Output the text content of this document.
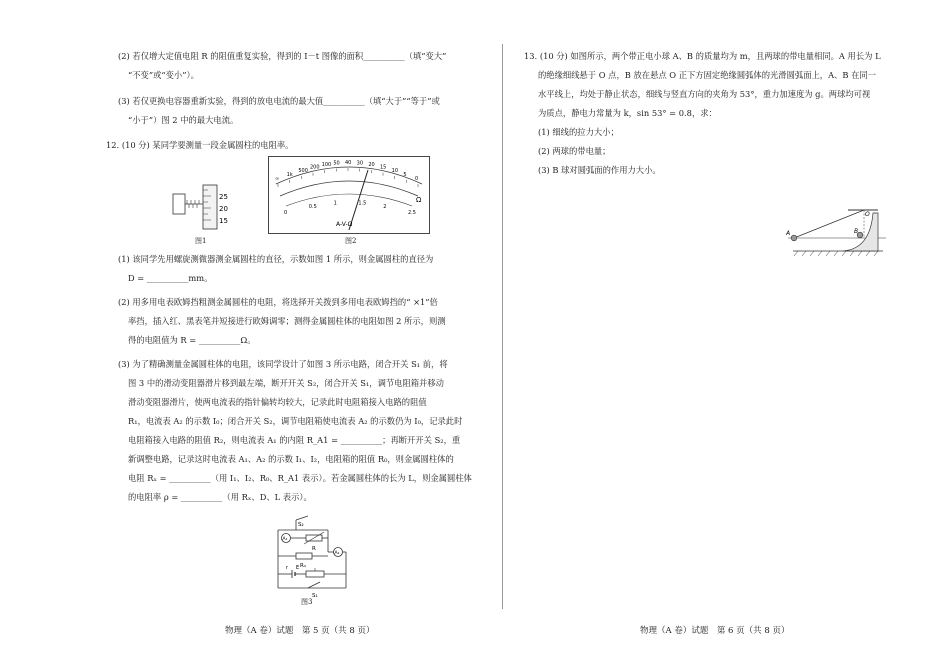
(2) 若仅增大定值电阻 R 的阻值重复实验，得到的 I－t 图像的面积__________（填“变大”
“不变”或“变小”）。
(3) 若仅更换电容器重新实验，得到的放电电流的最大值__________（填“大于”“等于”或
“小于”）图 2 中的最大电流。
12. (10 分) 某同学要测量一段金属圆柱的电阻率。
25
20
15
图1
∞
1k
500
200 100 50 40 30 20 15
10
5
0
0
0.5
1	1.5
2
2.5
A-V-Ω
Ω
图2
(1) 该同学先用螺旋测微器测金属圆柱的直径，示数如图 1 所示，则金属圆柱的直径为
D = __________mm。
(2) 用多用电表欧姆挡粗测金属圆柱的电阻，将选择开关拨到多用电表欧姆挡的“ ×1”倍
率挡，插入红、黑表笔并短接进行欧姆调零；测得金属圆柱体的电阻如图 2 所示，则测
得的电阻值为 R = __________Ω。
(3) 为了精确测量金属圆柱体的电阻，该同学设计了如图 3 所示电路，闭合开关 S₁ 前，将
图 3 中的滑动变阻器滑片移到最左端，断开开关 S₂，闭合开关 S₁，调节电阻箱并移动
滑动变阻器滑片，使两电流表的指针偏转均较大，记录此时电阻箱接入电路的阻值
R₁，电流表 A₂ 的示数 I₀；闭合开关 S₂，调节电阻箱使电流表 A₂ 的示数仍为 I₀，记录此时
电阻箱接入电路的阻值 R₂，则电流表 A₁ 的内阻 R_A1 = __________；再断开开关 S₂，重
新调整电路，记录这时电流表 A₁、A₂ 的示数 I₁、I₂，电阻箱的阻值 R₀，则金属圆柱体的
电阻 Rₓ = __________（用 I₁、I₂、R₀、R_A1 表示）。若金属圆柱体的长为 L，则金属圆柱体
的电阻率 ρ = __________（用 Rₓ、D、L 表示）。
S₂
A₁
R
A₂
Rₓ
E
r
S₁
图3
13. (10 分) 如图所示，两个带正电小球 A、B 的质量均为 m，且两球的带电量相同。A 用长为 L
的绝缘细线悬于 O 点，B 放在悬点 O 正下方固定绝缘圆弧体的光滑圆弧面上，A、B 在同一
水平线上，均处于静止状态，细线与竖直方向的夹角为 53°，重力加速度为 g。两球均可视
为质点，静电力常量为 k，sin 53° = 0.8，求：
(1) 细线的拉力大小；
(2) 两球的带电量；
(3) B 球对圆弧面的作用力大小。
O
A	B
物理（A 卷）试题　第 5 页（共 8 页）	物理（A 卷）试题　第 6 页（共 8 页）
